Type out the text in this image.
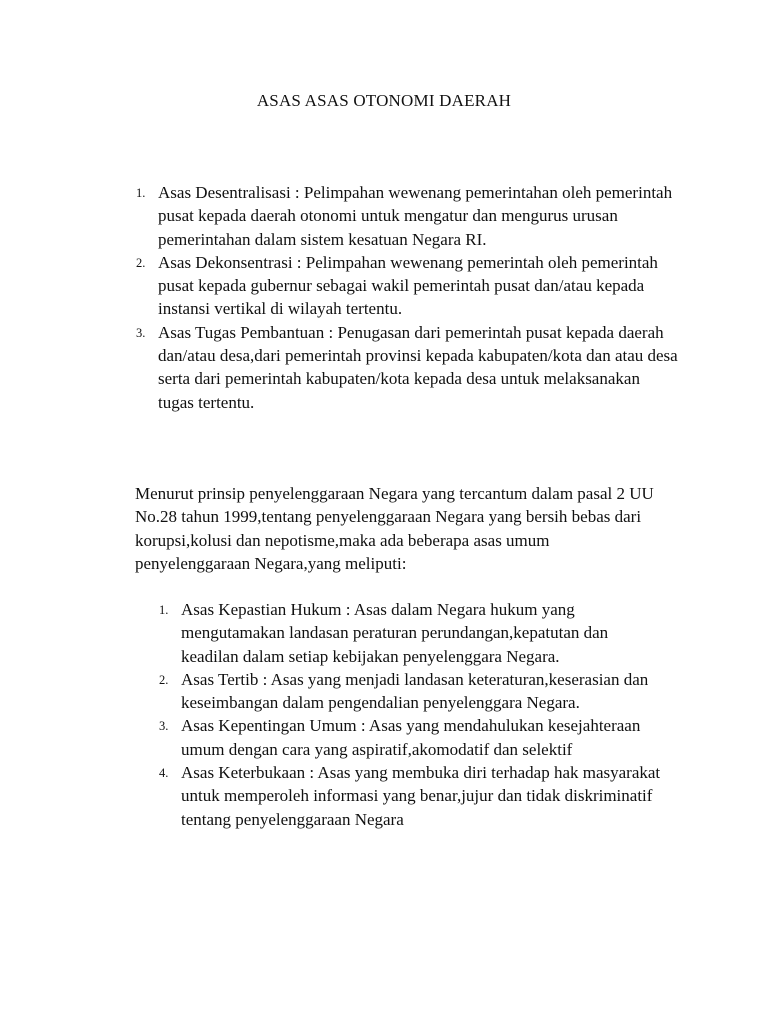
ASAS ASAS OTONOMI DAERAH
1. Asas Desentralisasi : Pelimpahan wewenang pemerintahan oleh pemerintah pusat kepada daerah otonomi untuk mengatur dan mengurus urusan pemerintahan dalam sistem kesatuan Negara RI.
2. Asas Dekonsentrasi : Pelimpahan wewenang pemerintah oleh pemerintah pusat kepada gubernur sebagai wakil pemerintah pusat dan/atau kepada instansi vertikal di wilayah tertentu.
3. Asas Tugas Pembantuan : Penugasan dari pemerintah pusat kepada daerah dan/atau desa,dari pemerintah provinsi kepada kabupaten/kota dan atau desa serta dari pemerintah kabupaten/kota kepada desa untuk melaksanakan tugas tertentu.

Menurut prinsip penyelenggaraan Negara yang tercantum dalam pasal 2 UU No.28 tahun 1999,tentang penyelenggaraan Negara yang bersih bebas dari korupsi,kolusi dan nepotisme,maka ada beberapa asas umum penyelenggaraan Negara,yang meliputi:

1. Asas Kepastian Hukum : Asas dalam Negara hukum yang mengutamakan landasan peraturan perundangan,kepatutan dan keadilan dalam setiap kebijakan penyelenggara Negara.
2. Asas Tertib : Asas yang menjadi landasan keteraturan,keserasian dan keseimbangan dalam pengendalian penyelenggara Negara.
3. Asas Kepentingan Umum : Asas yang mendahulukan kesejahteraan umum dengan cara yang aspiratif,akomodatif dan selektif
4. Asas Keterbukaan : Asas yang membuka diri terhadap hak masyarakat untuk memperoleh informasi yang benar,jujur dan tidak diskriminatif tentang penyelenggaraan Negara
